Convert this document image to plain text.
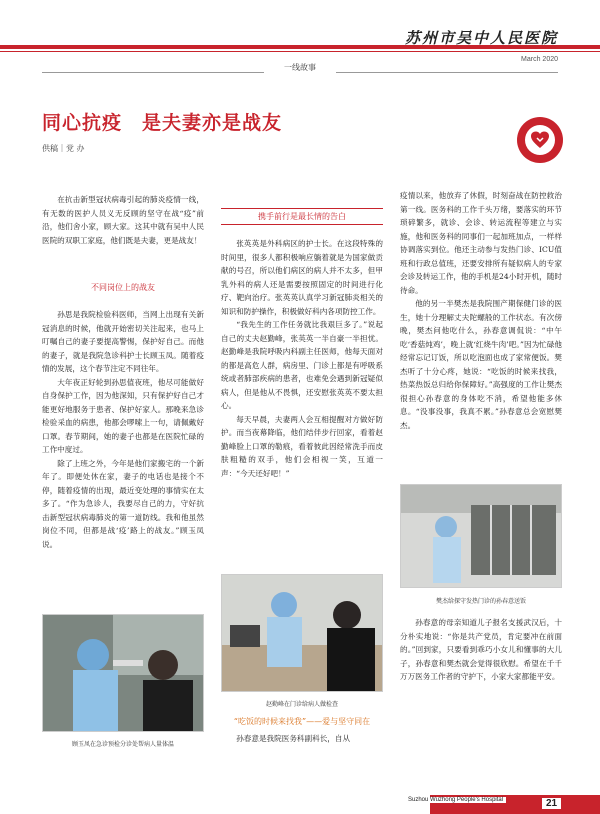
苏州市吴中人民医院
March 2020
一线故事
同心抗疫　是夫妻亦是战友
供稿｜党 办

在抗击新型冠状病毒引起的肺炎疫情一线，有无数的医护人员义无反顾的坚守在战“疫”前沿，他们舍小家，顾大家。这其中就有吴中人民医院的双职工家庭，他们既是夫妻，更是战友！

不同岗位上的战友

孙思是我院检验科医师，当网上出现有关新冠消息的时候，他就开始密切关注起来，也马上叮嘱自己的妻子要提高警惕，保护好自己。而他的妻子，就是我院急诊科护士长顾玉凤。随着疫情的发展，这个春节注定不同往年。

大年夜正好轮到孙思值夜班，他尽可能做好自身保护工作，因为他深知，只有保护好自己才能更好地服务于患者、保护好家人。那晚来急诊检验采血的病患，他都会啰嗦上一句，请佩戴好口罩。春节期间，她的妻子也都是在医院忙碌的工作中度过。

除了上班之外，今年是他们家搬宅的一个新年了。即便处休在家，妻子的电话也是接个不停，随着疫情的出现，最近变处理的事情实在太多了。“作为急诊人，我要尽自己的力，守好抗击新型冠状病毒肺炎的第一道防线。我和他虽然岗位不同，但都是战‘疫’路上的战友。”顾玉凤说。

顾玉凤在急诊预检分诊处帮病人量体温
携手前行是最长情的告白

张英英是外科病区的护士长。在这段特殊的时间里，很多人都积极响应躺着就是为国家做贡献的号召，所以他们病区的病人并不太多，但甲乳外科的病人还是需要按照固定的时间进行化疗、靶向治疗。张英英认真学习新冠肺炎相关的知识和防护操作，积极做好科内各项防控工作。

“我先生的工作任务就比我艰巨多了。”说起自己的丈夫赵勤峰，张英英一半自豪一半担忧。赵勤峰是我院呼吸内科副主任医师，他每天面对的都是高危人群，病房里、门诊上都是有呼吸系统或者肺部疾病的患者，也难免会遇到新冠疑似病人，但是他从不畏惧，还安慰张英英不要太担心。

每天早晨，夫妻两人会互相提醒对方做好防护。而当夜幕降临，他们结伴步行回家，看着赵勤峰脸上口罩的勒痕，看着彼此因经常洗手而皮肤粗糙的双手，他们会相视一笑，互道一声：“今天还好吧！”

赵勤峰在门诊给病人做检查
“吃饭的时候来找我”——爱与坚守同在

孙春意是我院医务科副科长，自从

疫情以来，他放弃了休假，时刻奋战在防控救治第一线。医务科的工作千头万绪，要落实的环节琐碎繁多，就诊、会诊、转运流程等建立与实施，他和医务科的同事们一起加班加点，一样样协调落实到位。他还主动参与发热门诊、ICU值班和行政总值班，还要安排所有疑似病人的专家会诊及转运工作，他的手机是24小时开机，随时待命。

他的另一半樊杰是我院围产期保健门诊的医生，她十分理解丈夫陀螺般的工作状态。有次傍晚，樊杰问他吃什么，孙春意调侃说：“中午吃‘香菇炖鸡’，晚上就‘红烧牛肉’吧。”因为忙碌他经常忘记订饭，所以吃泡面也成了家常便饭。樊杰听了十分心疼，她说：“吃饭的时候来找我，热菜热饭总归给你保障好。”高强度的工作让樊杰很担心孙春意的身体吃不消，希望他能多休息。“没事没事，我真不累。”孙春意总会宽慰樊杰。

樊杰给探守发热门诊的孙春意送饭

孙春意的母亲知道儿子报名支援武汉后，十分朴实地说：“你是共产党员，肯定要冲在前面的。”回到家，只要看到乖巧小女儿和懂事的大儿子，孙春意和樊杰就会觉得很欣慰。希望在千千万万医务工作者的守护下，小家大家都能平安。

Suzhou Wuzhong People's Hospital	21
